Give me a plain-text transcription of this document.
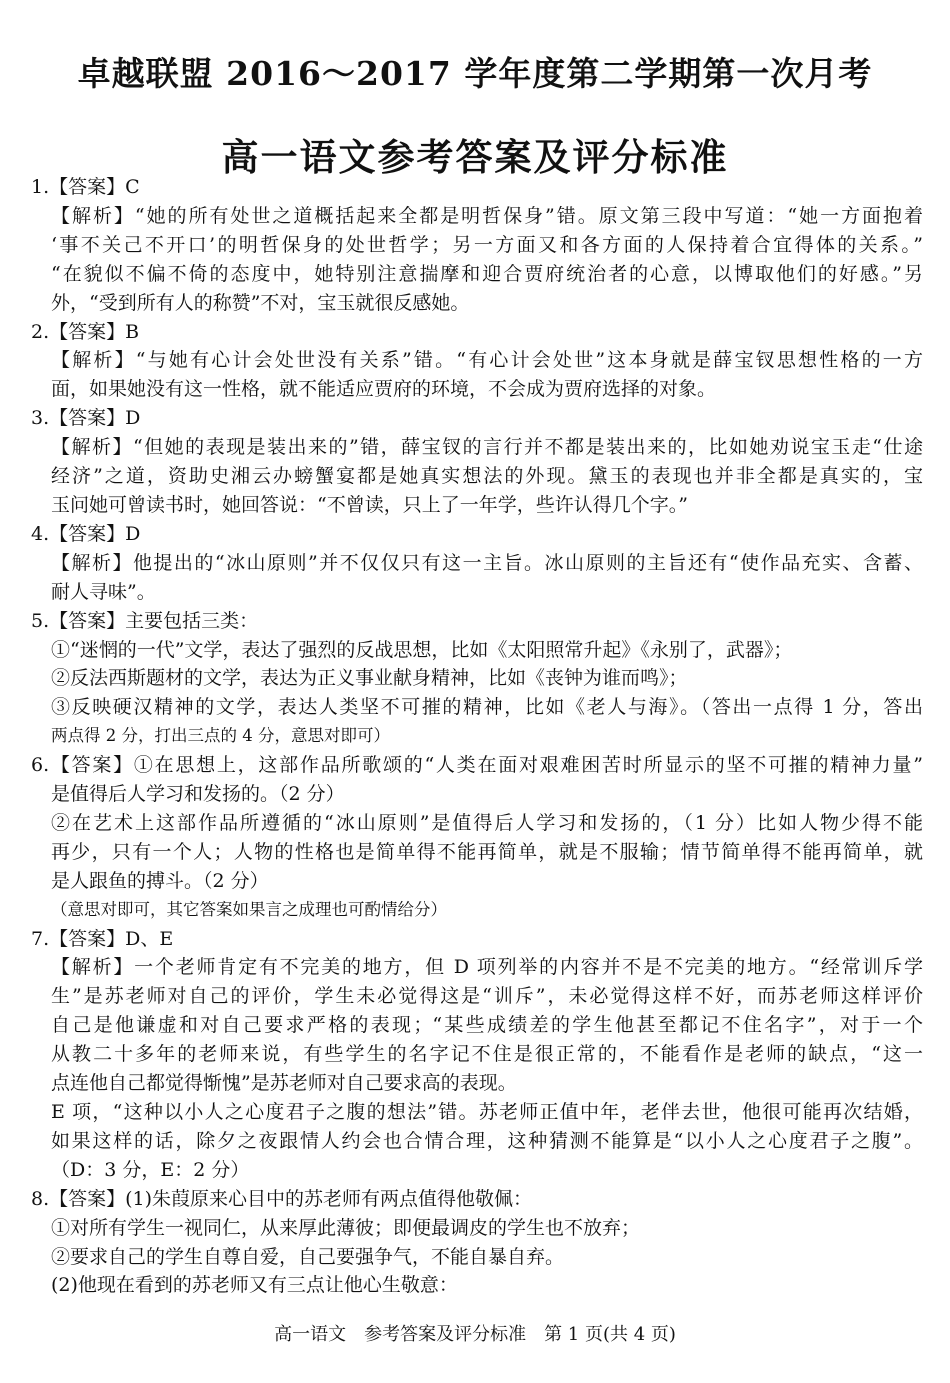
卓越联盟 2016～2017 学年度第二学期第一次月考
高一语文参考答案及评分标准
1.【答案】C
【解析】“她的所有处世之道概括起来全都是明哲保身”错。原文第三段中写道：“她一方面抱着
‘事不关己不开口’的明哲保身的处世哲学；另一方面又和各方面的人保持着合宜得体的关系。”
“在貌似不偏不倚的态度中，她特别注意揣摩和迎合贾府统治者的心意，以博取他们的好感。”另
外，“受到所有人的称赞”不对，宝玉就很反感她。
2.【答案】B
【解析】“与她有心计会处世没有关系”错。“有心计会处世”这本身就是薛宝钗思想性格的一方
面，如果她没有这一性格，就不能适应贾府的环境，不会成为贾府选择的对象。
3.【答案】D
【解析】“但她的表现是装出来的”错，薛宝钗的言行并不都是装出来的，比如她劝说宝玉走“仕途
经济”之道，资助史湘云办螃蟹宴都是她真实想法的外现。黛玉的表现也并非全都是真实的，宝
玉问她可曾读书时，她回答说：“不曾读，只上了一年学，些许认得几个字。”
4.【答案】D
【解析】他提出的“冰山原则”并不仅仅只有这一主旨。冰山原则的主旨还有“使作品充实、含蓄、
耐人寻味”。
5.【答案】主要包括三类：
①“迷惘的一代”文学，表达了强烈的反战思想，比如《太阳照常升起》《永别了，武器》；
②反法西斯题材的文学，表达为正义事业献身精神，比如《丧钟为谁而鸣》；
③反映硬汉精神的文学，表达人类坚不可摧的精神，比如《老人与海》。（答出一点得 1 分，答出
两点得 2 分，打出三点的 4 分，意思对即可）
6.【答案】①在思想上，这部作品所歌颂的“人类在面对艰难困苦时所显示的坚不可摧的精神力量”
是值得后人学习和发扬的。（2 分）
②在艺术上这部作品所遵循的“冰山原则”是值得后人学习和发扬的，（1 分）比如人物少得不能
再少，只有一个人；人物的性格也是简单得不能再简单，就是不服输；情节简单得不能再简单，就
是人跟鱼的搏斗。（2 分）
（意思对即可，其它答案如果言之成理也可酌情给分）
7.【答案】D、E
【解析】一个老师肯定有不完美的地方，但 D 项列举的内容并不是不完美的地方。“经常训斥学
生”是苏老师对自己的评价，学生未必觉得这是“训斥”，未必觉得这样不好，而苏老师这样评价
自己是他谦虚和对自己要求严格的表现；“某些成绩差的学生他甚至都记不住名字”，对于一个
从教二十多年的老师来说，有些学生的名字记不住是很正常的，不能看作是老师的缺点，“这一
点连他自己都觉得惭愧”是苏老师对自己要求高的表现。
E 项，“这种以小人之心度君子之腹的想法”错。苏老师正值中年，老伴去世，他很可能再次结婚，
如果这样的话，除夕之夜跟情人约会也合情合理，这种猜测不能算是“以小人之心度君子之腹”。
（D：3 分，E：2 分）
8.【答案】(1)朱葭原来心目中的苏老师有两点值得他敬佩：
①对所有学生一视同仁，从来厚此薄彼；即便最调皮的学生也不放弃；
②要求自己的学生自尊自爱，自己要强争气，不能自暴自弃。
(2)他现在看到的苏老师又有三点让他心生敬意：
高一语文　参考答案及评分标准　第 1 页(共 4 页)
